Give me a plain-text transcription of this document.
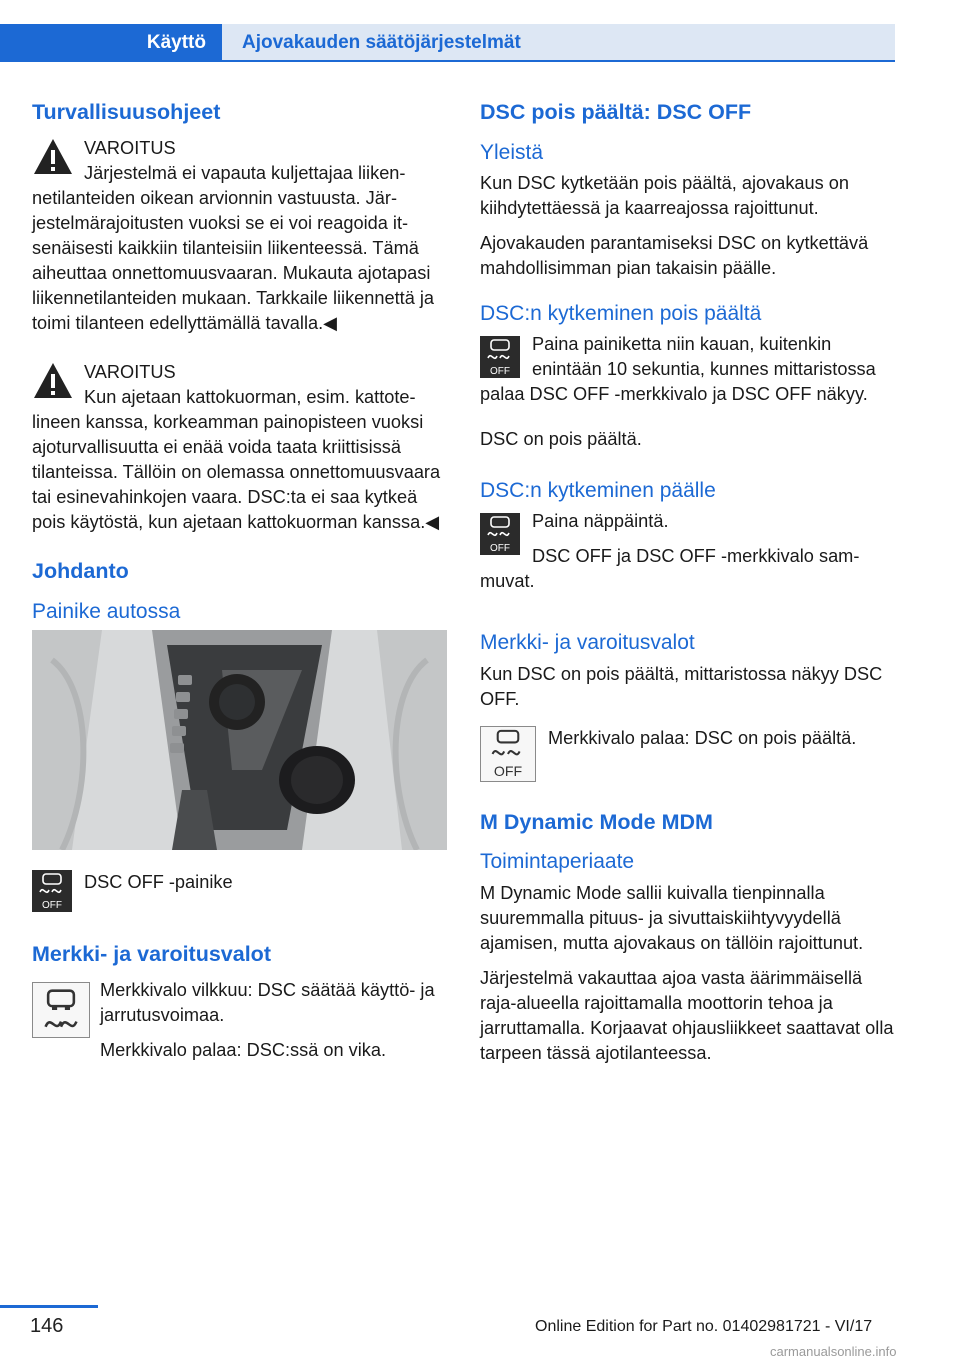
Käyttö	Ajovakauden säätöjärjestelmät
Turvallisuusohjeet

VAROITUS

Järjestelmä ei vapauta kuljettajaa liikennetilanteiden oikean arvionnin vastuusta. Järjestelmärajoitusten vuoksi se ei voi reagoida itsenäisesti kaikkiin tilanteisiin liikenteessä. Tämä aiheuttaa onnettomuusvaaran. Mukauta ajotapasi liikennetilanteiden mukaan. Tarkkaile liikennettä ja toimi tilanteen edellyttämällä tavalla.◀

VAROITUS

Kun ajetaan kattokuorman, esim. kattotelineen kanssa, korkeamman painopisteen vuoksi ajoturvallisuutta ei enää voida taata kriittisissä tilanteissa. Tällöin on olemassa onnettomuusvaara tai esinevahinkojen vaara. DSC:ta ei saa kytkeä pois käytöstä, kun ajetaan kattokuorman kanssa.◀

Johdanto
Painike autossa
OFF

DSC OFF -painike

Merkki- ja varoitusvalot

Merkkivalo vilkkuu: DSC säätää käyttö- ja jarrutusvoimaa.

Merkkivalo palaa: DSC:ssä on vika.

DSC pois päältä: DSC OFF
Yleistä

Kun DSC kytketään pois päältä, ajovakaus on kiihdytettäessä ja kaarreajossa rajoittunut.

Ajovakauden parantamiseksi DSC on kytkettävä mahdollisimman pian takaisin päälle.

DSC:n kytkeminen pois päältä
OFF

Paina painiketta niin kauan, kuitenkin enintään 10 sekuntia, kunnes mittaristossa palaa DSC OFF -merkkivalo ja DSC OFF näkyy.

DSC on pois päältä.

DSC:n kytkeminen päälle
OFF

Paina näppäintä.

DSC OFF ja DSC OFF -merkkivalo sammuvat.

Merkki- ja varoitusvalot

Kun DSC on pois päältä, mittaristossa näkyy DSC OFF.

OFF

Merkkivalo palaa: DSC on pois päältä.

M Dynamic Mode MDM
Toimintaperiaate

M Dynamic Mode sallii kuivalla tienpinnalla suuremmalla pituus- ja sivuttaiskiihtyvyydellä ajamisen, mutta ajovakaus on tällöin rajoittunut.

Järjestelmä vakauttaa ajoa vasta äärimmäisellä raja-alueella rajoittamalla moottorin tehoa ja jarruttamalla. Korjaavat ohjausliikkeet saattavat olla tarpeen tässä ajotilanteessa.

146	Online Edition for Part no. 01402981721 - VI/17
carmanualsonline.info
